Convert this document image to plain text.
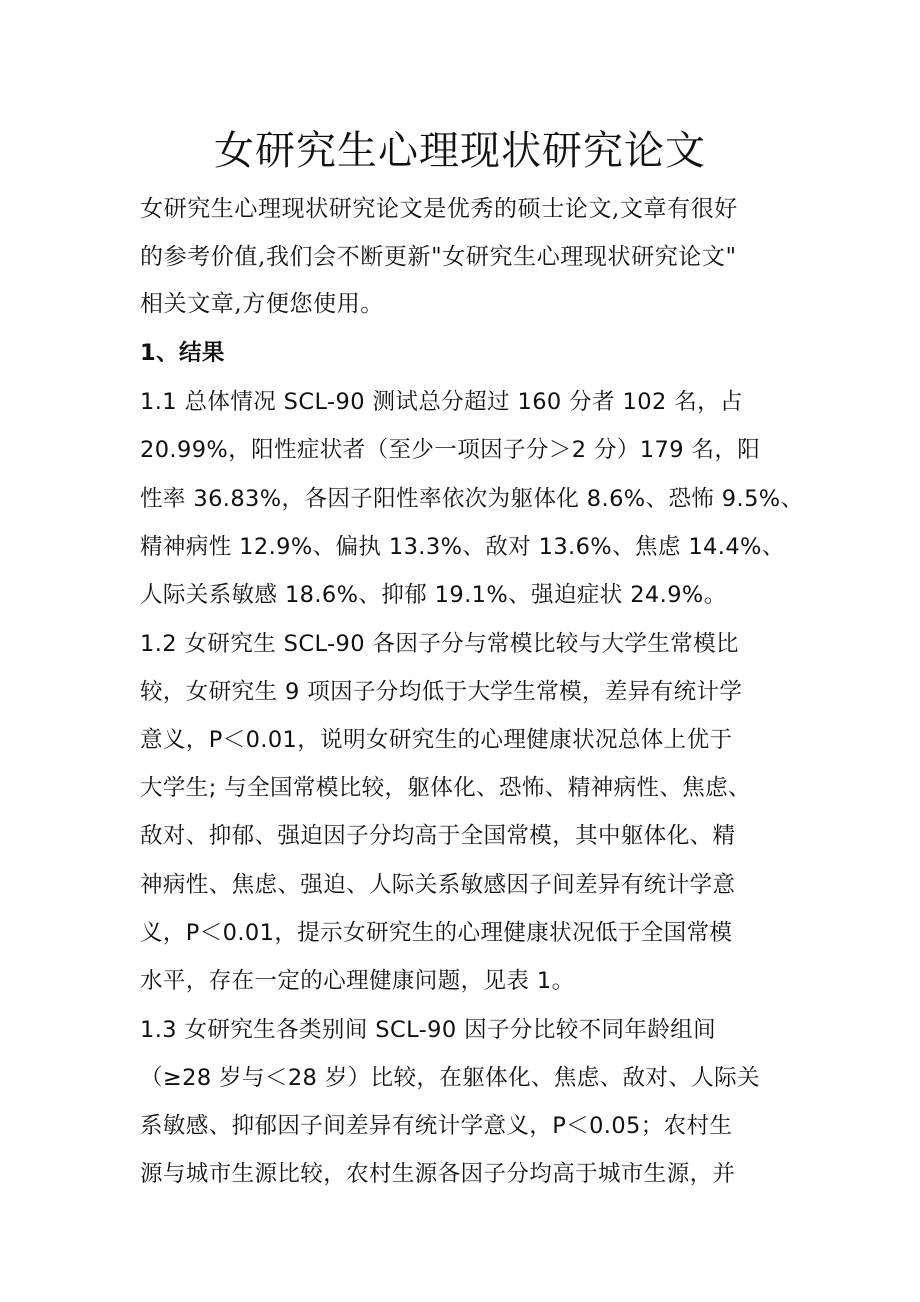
女研究生心理现状研究论文

女研究生心理现状研究论文是优秀的硕士论文,文章有很好

的参考价值,我们会不断更新"女研究生心理现状研究论文"

相关文章,方便您使用。

1、结果

1.1 总体情况 SCL-90 测试总分超过 160 分者 102 名，占

20.99%，阳性症状者（至少一项因子分＞2 分）179 名，阳

性率 36.83%，各因子阳性率依次为躯体化 8.6%、恐怖 9.5%、

精神病性 12.9%、偏执 13.3%、敌对 13.6%、焦虑 14.4%、

人际关系敏感 18.6%、抑郁 19.1%、强迫症状 24.9%。

1.2 女研究生 SCL-90 各因子分与常模比较与大学生常模比

较，女研究生 9 项因子分均低于大学生常模，差异有统计学

意义，P＜0.01，说明女研究生的心理健康状况总体上优于

大学生; 与全国常模比较，躯体化、恐怖、精神病性、焦虑、

敌对、抑郁、强迫因子分均高于全国常模，其中躯体化、精

神病性、焦虑、强迫、人际关系敏感因子间差异有统计学意

义，P＜0.01，提示女研究生的心理健康状况低于全国常模

水平，存在一定的心理健康问题，见表 1。

1.3 女研究生各类别间 SCL-90 因子分比较不同年龄组间

（≥28 岁与＜28 岁）比较，在躯体化、焦虑、敌对、人际关

系敏感、抑郁因子间差异有统计学意义，P＜0.05；农村生

源与城市生源比较，农村生源各因子分均高于城市生源，并
